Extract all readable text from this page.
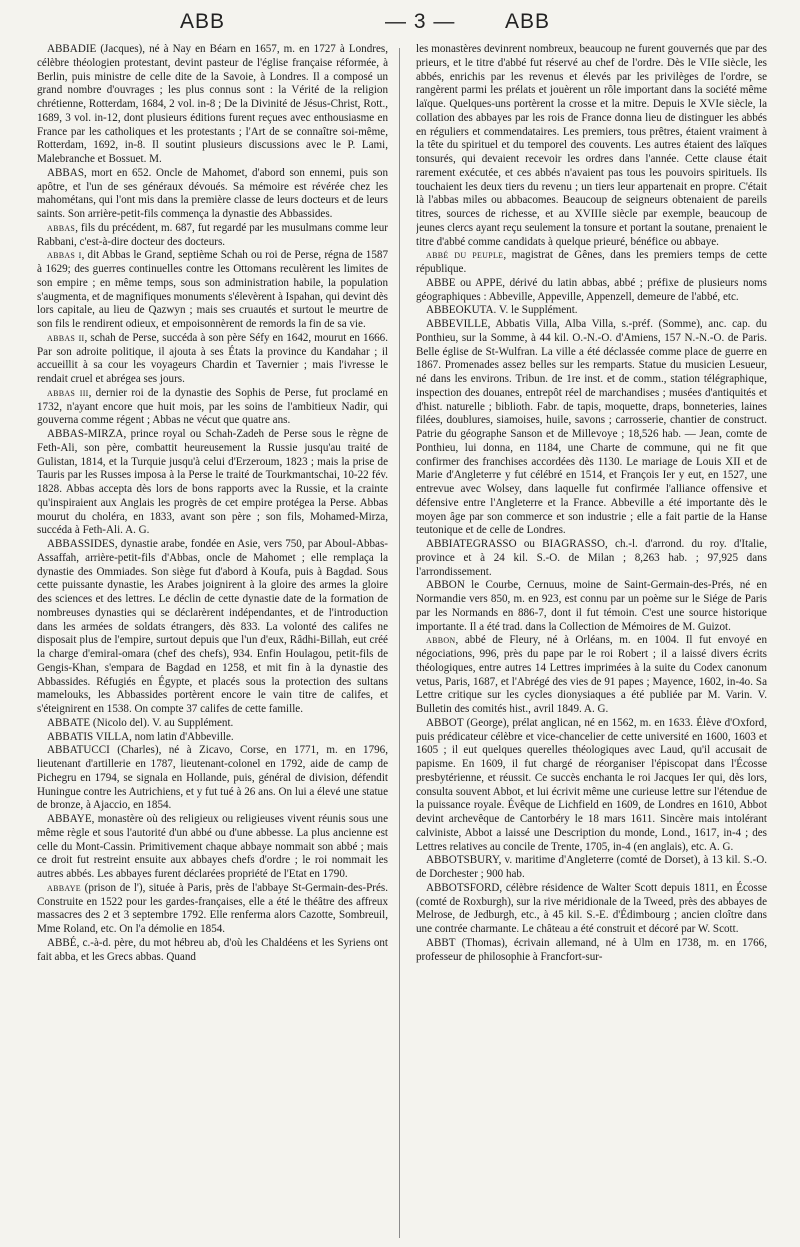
ABB	— 3 — ABB

ABBADIE (Jacques), né à Nay en Béarn en 1657, m. en 1727 à Londres, célèbre théologien protestant, devint pasteur de l'église française réformée, à Berlin, puis ministre de celle dite de la Savoie, à Londres. Il a composé un grand nombre d'ouvrages ; les plus connus sont : la Vérité de la religion chrétienne, Rotterdam, 1684, 2 vol. in-8 ; De la Divinité de Jésus-Christ, Rott., 1689, 3 vol. in-12, dont plusieurs éditions furent reçues avec enthousiasme en France par les catholiques et les protestants ; l'Art de se connaître soi-même, Rotterdam, 1692, in-8. Il soutint plusieurs discussions avec le P. Lami, Malebranche et Bossuet. M.

ABBAS, mort en 652. Oncle de Mahomet, d'abord son ennemi, puis son apôtre, et l'un de ses généraux dévoués. Sa mémoire est révérée chez les mahométans, qui l'ont mis dans la première classe de leurs docteurs et de leurs saints. Son arrière-petit-fils commença la dynastie des Abbassides.

abbas, fils du précédent, m. 687, fut regardé par les musulmans comme leur Rabbani, c'est-à-dire docteur des docteurs.

abbas i, dit Abbas le Grand, septième Schah ou roi de Perse, régna de 1587 à 1629; des guerres continuelles contre les Ottomans reculèrent les limites de son empire ; en même temps, sous son administration habile, la population s'augmenta, et de magnifiques monuments s'élevèrent à Ispahan, qui devint dès lors capitale, au lieu de Qazwyn ; mais ses cruautés et surtout le meurtre de son fils le rendirent odieux, et empoisonnèrent de remords la fin de sa vie.

abbas ii, schah de Perse, succéda à son père Séfy en 1642, mourut en 1666. Par son adroite politique, il ajouta à ses États la province du Kandahar ; il accueillit à sa cour les voyageurs Chardin et Tavernier ; mais l'ivresse le rendait cruel et abrégea ses jours.

abbas iii, dernier roi de la dynastie des Sophis de Perse, fut proclamé en 1732, n'ayant encore que huit mois, par les soins de l'ambitieux Nadir, qui gouverna comme régent ; Abbas ne vécut que quatre ans.

ABBAS-MIRZA, prince royal ou Schah-Zadeh de Perse sous le règne de Feth-Ali, son père, combattit heureusement la Russie jusqu'au traité de Gulistan, 1814, et la Turquie jusqu'à celui d'Erzeroum, 1823 ; mais la prise de Tauris par les Russes imposa à la Perse le traité de Tourkmantschai, 10-22 fév. 1828. Abbas accepta dès lors de bons rapports avec la Russie, et la crainte qu'inspiraient aux Anglais les progrès de cet empire protégea la Perse. Abbas mourut du choléra, en 1833, avant son père ; son fils, Mohamed-Mirza, succéda à Feth-Ali. A. G.

ABBASSIDES, dynastie arabe, fondée en Asie, vers 750, par Aboul-Abbas-Assaffah, arrière-petit-fils d'Abbas, oncle de Mahomet ; elle remplaça la dynastie des Ommiades. Son siège fut d'abord à Koufa, puis à Bagdad. Sous cette puissante dynastie, les Arabes joignirent à la gloire des armes la gloire des sciences et des lettres. Le déclin de cette dynastie date de la formation de nombreuses dynasties qui se déclarèrent indépendantes, et de l'introduction dans les armées de soldats étrangers, dès 833. La volonté des califes ne disposait plus de l'empire, surtout depuis que l'un d'eux, Râdhi-Billah, eut créé la charge d'emiral-omara (chef des chefs), 934. Enfin Houlagou, petit-fils de Gengis-Khan, s'empara de Bagdad en 1258, et mit fin à la dynastie des Abbassides. Réfugiés en Égypte, et placés sous la protection des sultans mamelouks, les Abbassides portèrent encore le vain titre de califes, et s'éteignirent en 1538. On compte 37 califes de cette famille.

ABBATE (Nicolo del). V. au Supplément.

ABBATIS VILLA, nom latin d'Abbeville.

ABBATUCCI (Charles), né à Zicavo, Corse, en 1771, m. en 1796, lieutenant d'artillerie en 1787, lieutenant-colonel en 1792, aide de camp de Pichegru en 1794, se signala en Hollande, puis, général de division, défendit Huningue contre les Autrichiens, et y fut tué à 26 ans. On lui a élevé une statue de bronze, à Ajaccio, en 1854.

ABBAYE, monastère où des religieux ou religieuses vivent réunis sous une même règle et sous l'autorité d'un abbé ou d'une abbesse. La plus ancienne est celle du Mont-Cassin. Primitivement chaque abbaye nommait son abbé ; mais ce droit fut restreint ensuite aux abbayes chefs d'ordre ; le roi nommait les autres abbés. Les abbayes furent déclarées propriété de l'Etat en 1790.

abbaye (prison de l'), située à Paris, près de l'abbaye St-Germain-des-Prés. Construite en 1522 pour les gardes-françaises, elle a été le théâtre des affreux massacres des 2 et 3 septembre 1792. Elle renferma alors Cazotte, Sombreuil, Mme Roland, etc. On l'a démolie en 1854.

ABBÉ, c.-à-d. père, du mot hébreu ab, d'où les Chaldéens et les Syriens ont fait abba, et les Grecs abbas. Quand

les monastères devinrent nombreux, beaucoup ne furent gouvernés que par des prieurs, et le titre d'abbé fut réservé au chef de l'ordre. Dès le VIIe siècle, les abbés, enrichis par les revenus et élevés par les privilèges de l'ordre, se rangèrent parmi les prélats et jouèrent un rôle important dans la société même laïque. Quelques-uns portèrent la crosse et la mitre. Depuis le XVIe siècle, la collation des abbayes par les rois de France donna lieu de distinguer les abbés en réguliers et commendataires. Les premiers, tous prêtres, étaient vraiment à la tête du spirituel et du temporel des couvents. Les autres étaient des laïques tonsurés, qui devaient recevoir les ordres dans l'année. Cette clause était rarement exécutée, et ces abbés n'avaient pas tous les pouvoirs spirituels. Ils touchaient les deux tiers du revenu ; un tiers leur appartenait en propre. C'était là l'abbas miles ou abbacomes. Beaucoup de seigneurs obtenaient de pareils titres, sources de richesse, et au XVIIIe siècle par exemple, beaucoup de jeunes clercs ayant reçu seulement la tonsure et portant la soutane, prenaient le titre d'abbé comme candidats à quelque prieuré, bénéfice ou abbaye.

abbé du peuple, magistrat de Gênes, dans les premiers temps de cette république.

ABBE ou APPE, dérivé du latin abbas, abbé ; préfixe de plusieurs noms géographiques : Abbeville, Appeville, Appenzell, demeure de l'abbé, etc.

ABBEOKUTA. V. le Supplément.

ABBEVILLE, Abbatis Villa, Alba Villa, s.-préf. (Somme), anc. cap. du Ponthieu, sur la Somme, à 44 kil. O.-N.-O. d'Amiens, 157 N.-N.-O. de Paris. Belle église de St-Wulfran. La ville a été déclassée comme place de guerre en 1867. Promenades assez belles sur les remparts. Statue du musicien Lesueur, né dans les environs. Tribun. de 1re inst. et de comm., station télégraphique, inspection des douanes, entrepôt réel de marchandises ; musées d'antiquités et d'hist. naturelle ; biblioth. Fabr. de tapis, moquette, draps, bonneteries, laines filées, doublures, siamoises, huile, savons ; carrosserie, chantier de construct. Patrie du géographe Sanson et de Millevoye ; 18,526 hab. — Jean, comte de Ponthieu, lui donna, en 1184, une Charte de commune, qui ne fit que confirmer des franchises accordées dès 1130. Le mariage de Louis XII et de Marie d'Angleterre y fut célébré en 1514, et François Ier y eut, en 1527, une entrevue avec Wolsey, dans laquelle fut confirmée l'alliance offensive et défensive entre l'Angleterre et la France. Abbeville a été importante dès le moyen âge par son commerce et son industrie ; elle a fait partie de la Hanse teutonique et de celle de Londres.

ABBIATEGRASSO ou BIAGRASSO, ch.-l. d'arrond. du roy. d'Italie, province et à 24 kil. S.-O. de Milan ; 8,263 hab. ; 97,925 dans l'arrondissement.

ABBON le Courbe, Cernuus, moine de Saint-Germain-des-Prés, né en Normandie vers 850, m. en 923, est connu par un poème sur le Siége de Paris par les Normands en 886-7, dont il fut témoin. C'est une source historique importante. Il a été trad. dans la Collection de Mémoires de M. Guizot.

abbon, abbé de Fleury, né à Orléans, m. en 1004. Il fut envoyé en négociations, 996, près du pape par le roi Robert ; il a laissé divers écrits théologiques, entre autres 14 Lettres imprimées à la suite du Codex canonum vetus, Paris, 1687, et l'Abrégé des vies de 91 papes ; Mayence, 1602, in-4o. Sa Lettre critique sur les cycles dionysiaques a été publiée par M. Varin. V. Bulletin des comités hist., avril 1849. A. G.

ABBOT (George), prélat anglican, né en 1562, m. en 1633. Élève d'Oxford, puis prédicateur célèbre et vice-chancelier de cette université en 1600, 1603 et 1605 ; il eut quelques querelles théologiques avec Laud, qu'il accusait de papisme. En 1609, il fut chargé de réorganiser l'épiscopat dans l'Écosse presbytérienne, et réussit. Ce succès enchanta le roi Jacques Ier qui, dès lors, consulta souvent Abbot, et lui écrivit même une curieuse lettre sur l'étendue de la puissance royale. Évêque de Lichfield en 1609, de Londres en 1610, Abbot devint archevêque de Cantorbéry le 18 mars 1611. Sincère mais intolérant calviniste, Abbot a laissé une Description du monde, Lond., 1617, in-4 ; des Lettres relatives au concile de Trente, 1705, in-4 (en anglais), etc. A. G.

ABBOTSBURY, v. maritime d'Angleterre (comté de Dorset), à 13 kil. S.-O. de Dorchester ; 900 hab.

ABBOTSFORD, célèbre résidence de Walter Scott depuis 1811, en Écosse (comté de Roxburgh), sur la rive méridionale de la Tweed, près des abbayes de Melrose, de Jedburgh, etc., à 45 kil. S.-E. d'Édimbourg ; ancien cloître dans une contrée charmante. Le château a été construit et décoré par W. Scott.

ABBT (Thomas), écrivain allemand, né à Ulm en 1738, m. en 1766, professeur de philosophie à Francfort-sur-
